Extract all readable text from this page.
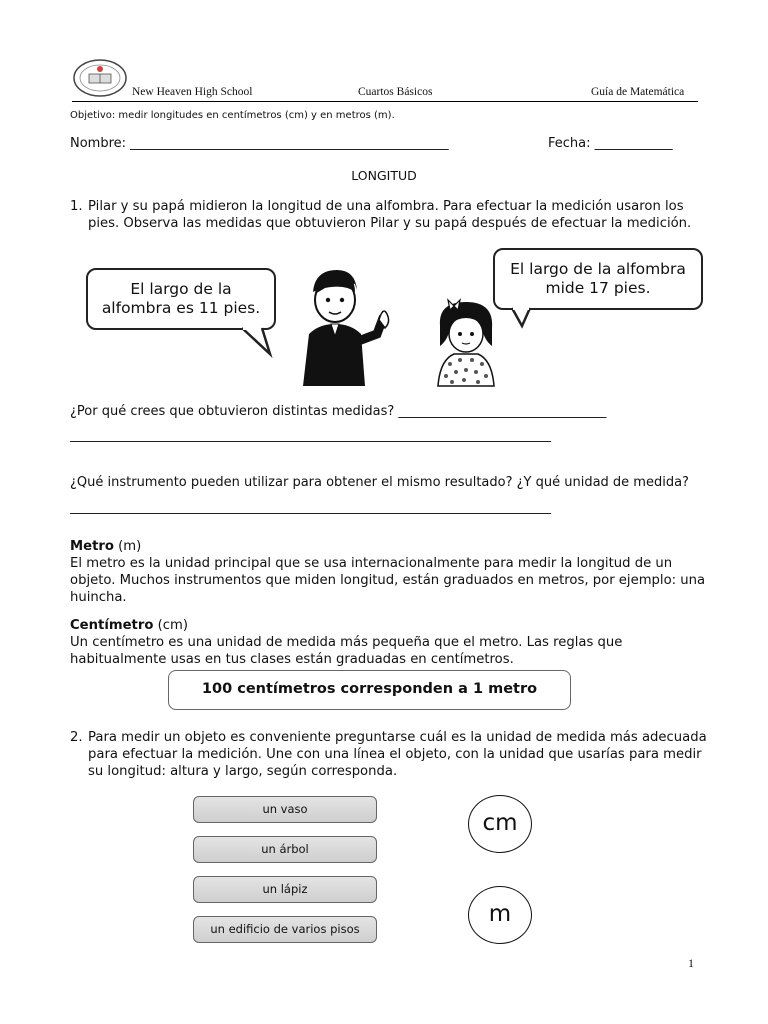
New Heaven High School	Cuartos Básicos	Guía de Matemática
Objetivo: medir longitudes en centímetros (cm) y en metros (m).
Nombre: _________________________________________________	Fecha: ____________
LONGITUD
1. Pilar y su papá midieron la longitud de una alfombra. Para efectuar la medición usaron los pies. Observa las medidas que obtuvieron Pilar y su papá después de efectuar la medición.
El largo de la
alfombra es 11 pies.
El largo de la alfombra
mide 17 pies.
¿Por qué crees que obtuvieron distintas medidas? ________________________________
__________________________________________________________________________
¿Qué instrumento pueden utilizar para obtener el mismo resultado? ¿Y qué unidad de medida?
__________________________________________________________________________
Metro (m)
El metro es la unidad principal que se usa internacionalmente para medir la longitud de un objeto. Muchos instrumentos que miden longitud, están graduados en metros, por ejemplo: una huincha.
Centímetro (cm)
Un centímetro es una unidad de medida más pequeña que el metro. Las reglas que habitualmente usas en tus clases están graduadas en centímetros.
100 centímetros corresponden a 1 metro
2. Para medir un objeto es conveniente preguntarse cuál es la unidad de medida más adecuada para efectuar la medición. Une con una línea el objeto, con la unidad que usarías para medir su longitud: altura y largo, según corresponda.
un vaso
un árbol
un lápiz
un edificio de varios pisos
cm
m
1
